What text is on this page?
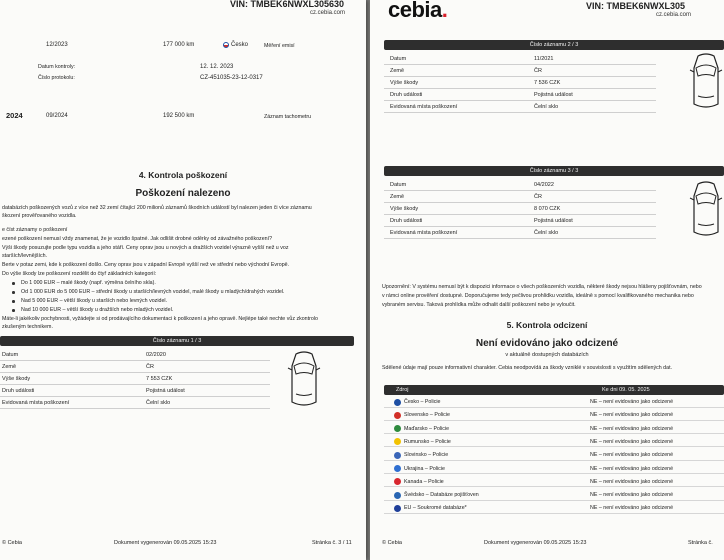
VIN: TMBEK6NWXL305630
cz.cebia.com
12/2023	177 000 km	Česko	Měření emisí
Datum kontroly:	12. 12. 2023
Číslo protokolu:	CZ-451035-23-12-0317
2024	09/2024	192 500 km	Záznam tachometru
4. Kontrola poškození
Poškození nalezeno
databázích poškozených vozů z více než 32 zemí čítající 200 milionů záznamů škodních událostí byl nalezen jeden či více záznamu
škození prověřovaného vozidla.
e číst záznamy o poškození
ezené poškození nemusí vždy znamenat, že je vozidlo špatné. Jak odlišit drobné oděrky od závažného poškození?
Výši škody posuzujte podle typu vozidla a jeho stáří. Ceny oprav jsou u nových a dražších vozidel výrazně vyšší než u voz
starších/levnějších.
Berte v potaz zemi, kde k poškození došlo. Ceny oprav jsou v západní Evropě vyšší než ve střední nebo východní Evropě.
Do výše škody lze poškození rozdělit do čtyř základních kategorií:
Do 1 000 EUR – malé škody (např. výměna čelního skla).
Od 1 000 EUR do 5 000 EUR – střední škody u starších/levných vozidel, malé škody u mladých/drahých vozidel.
Nad 5 000 EUR – větší škody u starších nebo levných vozidel.
Nad 10 000 EUR – větší škody u dražších nebo mladých vozidel.
Máte-li jakékoliv pochybnosti, vyžádejte si od prodávajícího dokumentaci k poškození a jeho opravě. Nejlépe také nechte vůz zkontrolo
zkušeným technikem.
Číslo záznamu 1 / 3
Datum	02/2020
Země	ČR
Výše škody	7 553 CZK
Druh události	Pojistná událost
Evidovaná místa poškození	Čelní sklo
© Cebia	Dokument vygenerován 09.05.2025 15:23	Stránka č. 3 / 11
cebia.	VIN: TMBEK6NWXL305
cz.cebia.com
Číslo záznamu 2 / 3
Datum	11/2021
Země	ČR
Výše škody	7 536 CZK
Druh události	Pojistná událost
Evidovaná místa poškození	Čelní sklo
Číslo záznamu 3 / 3
Datum	04/2022
Země	ČR
Výše škody	8 070 CZK
Druh události	Pojistná událost
Evidovaná místa poškození	Čelní sklo
Upozornění: V systému nemusí být k dispozici informace o všech poškozeních vozidla, některé škody nejsou hlášeny pojišťovnám, nebo
v rámci online prověření dostupné. Doporučujeme tedy pečlivou prohlídku vozidla, ideálně s pomocí kvalifikovaného mechanika nebo
vybraném servisu. Taková prohlídka může odhalit další poškození nebo je vyloučit.
5. Kontrola odcizení
Není evidováno jako odcizené
v aktuálně dostupných databázích
Sdělené údaje mají pouze informativní charakter. Cebia neodpovídá za škody vzniklé v souvislosti s využitím sdělených dat.
Zdroj	Ke dni 09. 05. 2025
Česko – Policie	NE – není evidováno jako odcizené
Slovensko – Policie	NE – není evidováno jako odcizené
Maďarsko – Policie	NE – není evidováno jako odcizené
Rumunsko – Policie	NE – není evidováno jako odcizené
Slovinsko – Policie	NE – není evidováno jako odcizené
Ukrajina – Policie	NE – není evidováno jako odcizené
Kanada – Policie	NE – není evidováno jako odcizené
Švédsko – Databáze pojišťoven	NE – není evidováno jako odcizené
EU – Soukromé databáze*	NE – není evidováno jako odcizené
© Cebia	Dokument vygenerován 09.05.2025 15:23	Stránka č.
